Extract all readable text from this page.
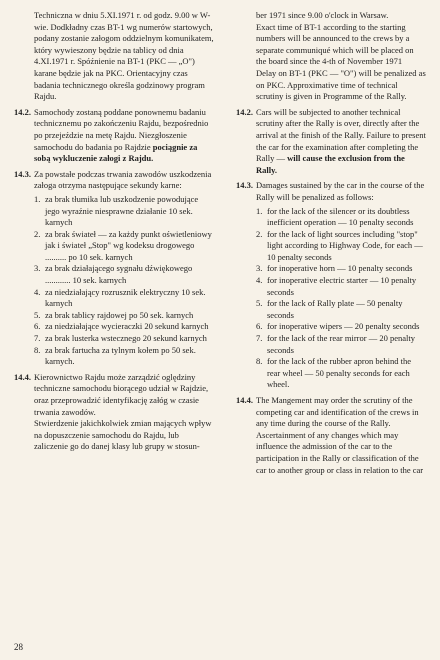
Techniczna w dniu 5.XI.1971 r. od godz. 9.00 w W-wie. Dodkładny czas BT-1 wg numerów startowych, podany zostanie załogom oddzielnym komunikatem, który wywieszony będzie na tablicy od dnia 4.XI.1971 r. Spóźnienie na BT-1 (PKC — „O") karane będzie jak na PKC. Orientacyjny czas badania technicznego określa godzinowy program Rajdu.
14.2. Samochody zostaną poddane ponownemu badaniu technicznemu po zakończeniu Rajdu, bezpośrednio po przejeździe na metę Rajdu. Niezgłoszenie samochodu do badania po Rajdzie pociągnie za sobą wykluczenie załogi z Rajdu.
14.3. Za powstałe podczas trwania zawodów uszkodzenia załoga otrzyma następujące sekundy karne:
1. za brak tłumika lub uszkodzenie powodujące jego wyraźnie niesprawne działanie 10 sek. karnych
2. za brak świateł — za każdy punkt oświetleniowy jak i świateł „Stop" wg kodeksu drogowego .......... po 10 sek. karnych
3. za brak działającego sygnału dźwiękowego ............ 10 sek. karnych
4. za niedziałający rozrusznik elektryczny 10 sek. karnych
5. za brak tablicy rajdowej po 50 sek. karnych
6. za niedziałające wycieraczki 20 sekund karnych
7. za brak lusterka wstecznego 20 sekund karnych
8. za brak fartucha za tylnym kołem po 50 sek. karnych.
14.4. Kierownictwo Rajdu może zarządzić oględziny techniczne samochodu biorącego udział w Rajdzie, oraz przeprowadzić identyfikację załóg w czasie trwania zawodów.
Stwierdzenie jakichkolwiek zmian mających wpływ na dopuszczenie samochodu do Rajdu, lub zaliczenie go do danej klasy lub grupy w stosun-
ber 1971 since 9.00 o'clock in Warsaw.
Exact time of BT-1 according to the starting numbers will be announced to the crews by a separate communiqué which will be placed on the board since the 4-th of November 1971
Delay on BT-1 (PKC — "O") will be penalized as on PKC. Approximative time of technical scrutiny is given in Programme of the Rally.
14.2. Cars will be subjected to another technical scrutiny after the Rally is over, directly after the arrival at the finish of the Rally. Failure to present the car for the examination after completing the Rally — will cause the exclusion from the Rally.
14.3. Damages sustained by the car in the course of the Rally will be penalized as follows:
1. for the lack of the silencer or its doubtless inefficient operation — 10 penalty seconds
2. for the lack of light sources including "stop" light according to Highway Code, for each — 10 penalty seconds
3. for inoperative horn — 10 penalty seconds
4. for inoperative electric starter — 10 penalty seconds
5. for the lack of Rally plate — 50 penalty seconds
6. for inoperative wipers — 20 penalty seconds
7. for the lack of the rear mirror — 20 penalty seconds
8. for the lack of the rubber apron behind the rear wheel — 50 penalty seconds for each wheel.
14.4. The Mangement may order the scrutiny of the competing car and identification of the crews in any time during the course of the Rally.
Ascertainment of any changes which may influence the admission of the car to the participation in the Rally or classification of the car to another group or class in relation to the car
28
